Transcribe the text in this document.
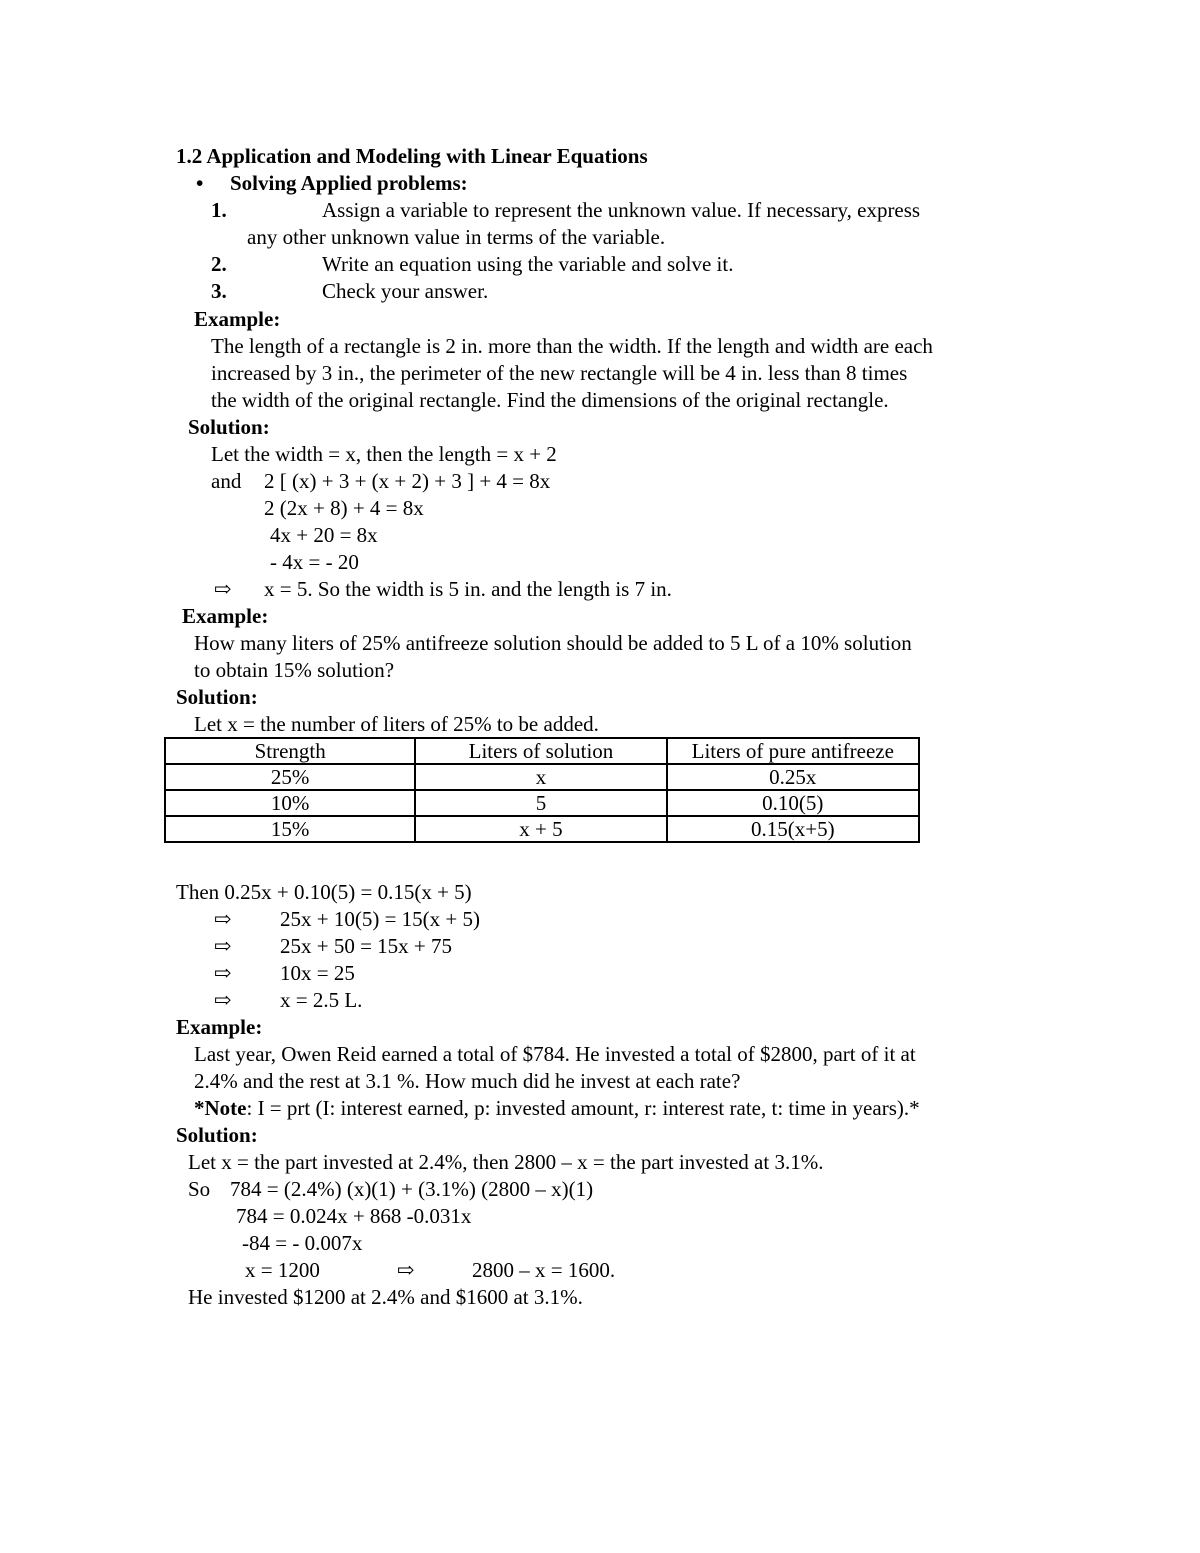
1.2 Application and Modeling with Linear Equations
• Solving Applied problems:
1.	Assign a variable to represent the unknown value. If necessary, express
any other unknown value in terms of the variable.
2.	Write an equation using the variable and solve it.
3.	Check your answer.
Example:
The length of a rectangle is 2 in. more than the width. If the length and width are each
increased by 3 in., the perimeter of the new rectangle will be 4 in. less than 8 times
the width of the original rectangle. Find the dimensions of the original rectangle.
Solution:
Let the width = x, then the length = x + 2
and 2 [ (x) + 3 + (x + 2) + 3 ] + 4 = 8x
2 (2x + 8) + 4 = 8x
4x + 20 = 8x
- 4x = - 20
⇨ x = 5. So the width is 5 in. and the length is 7 in.
Example:
How many liters of 25% antifreeze solution should be added to 5 L of a 10% solution
to obtain 15% solution?
Solution:
Let x = the number of liters of 25% to be added.
Strength	Liters of solution	Liters of pure antifreeze
25%	x	0.25x
10%	5	0.10(5)
15%	x + 5	0.15(x+5)
Then 0.25x + 0.10(5) = 0.15(x + 5)
⇨ 25x + 10(5) = 15(x + 5)
⇨ 25x + 50 = 15x + 75
⇨ 10x = 25
⇨ x = 2.5 L.
Example:
Last year, Owen Reid earned a total of $784. He invested a total of $2800, part of it at
2.4% and the rest at 3.1 %. How much did he invest at each rate?
*Note: I = prt (I: interest earned, p: invested amount, r: interest rate, t: time in years).*
Solution:
Let x = the part invested at 2.4%, then 2800 – x = the part invested at 3.1%.
So 784 = (2.4%) (x)(1) + (3.1%) (2800 – x)(1)
784 = 0.024x + 868 -0.031x
-84 = - 0.007x
x = 1200	⇨	2800 – x = 1600.
He invested $1200 at 2.4% and $1600 at 3.1%.
